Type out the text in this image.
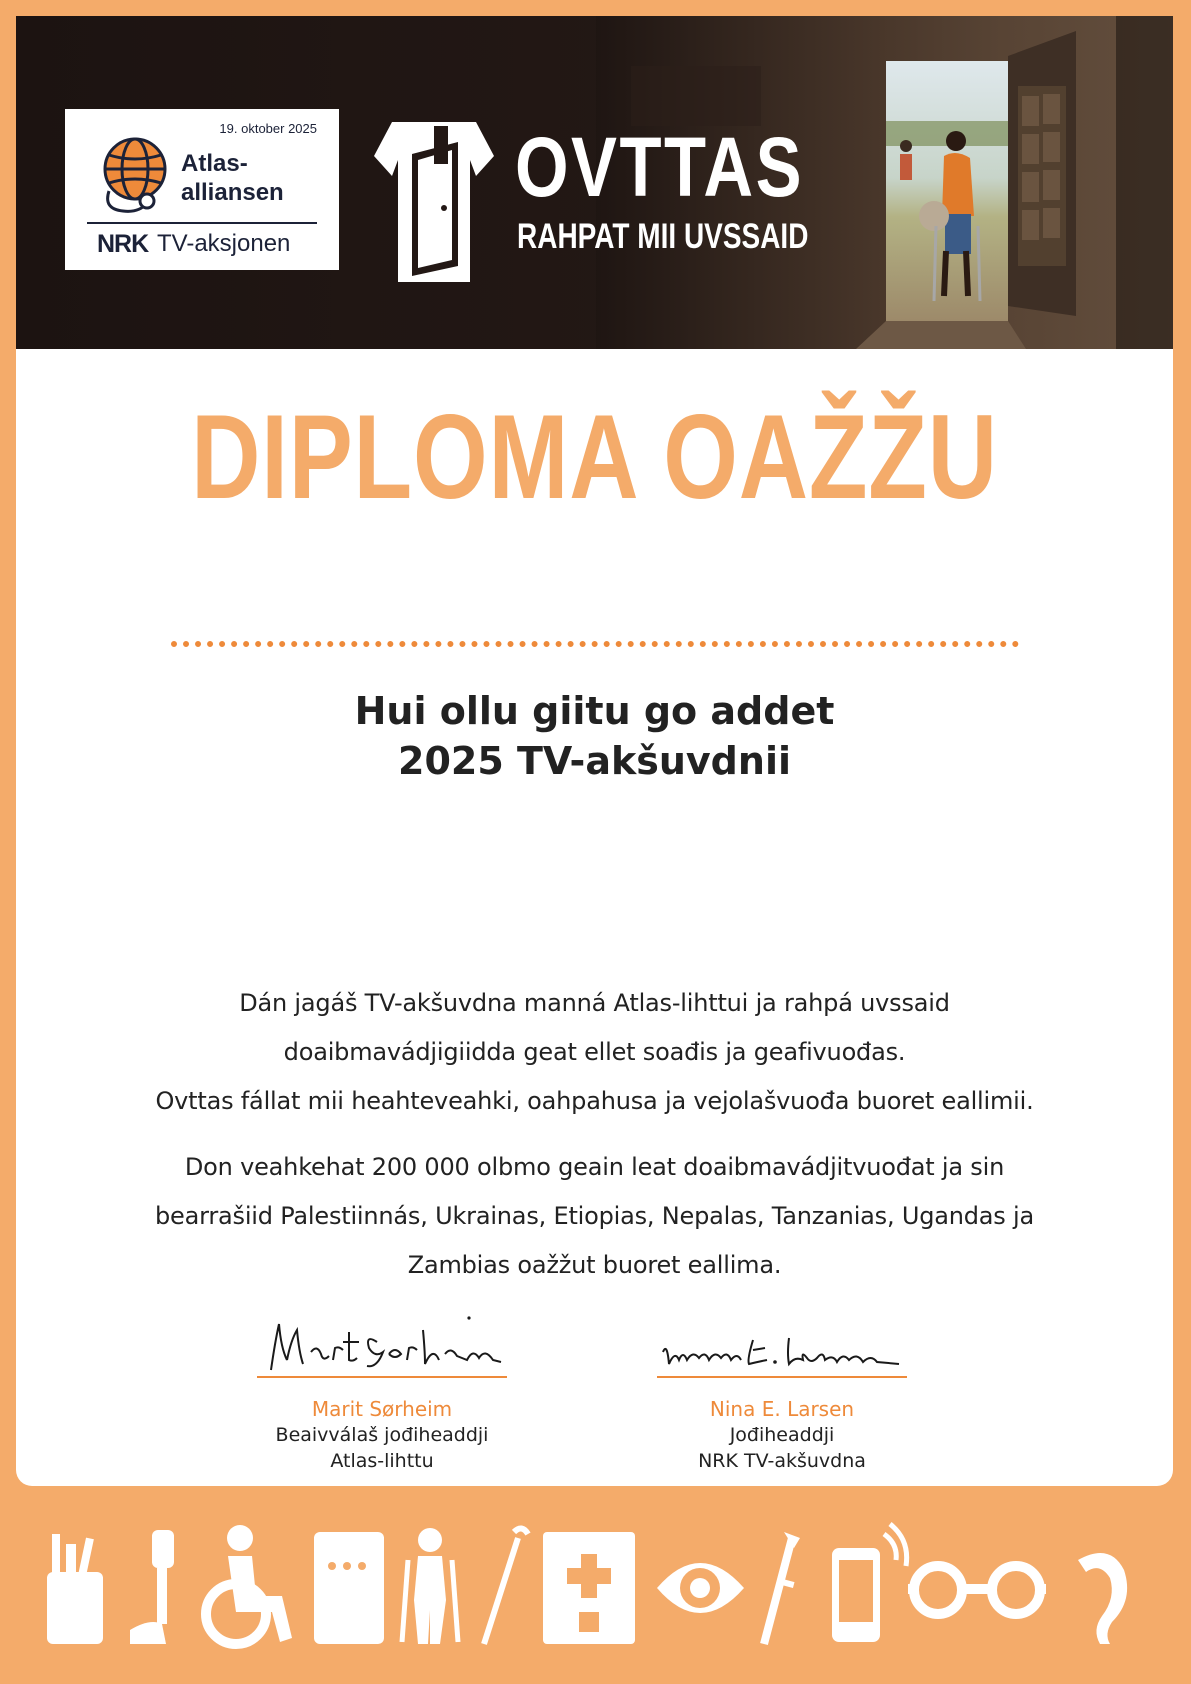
19. oktober 2025
Atlas-
alliansen
NRK TV-aksjonen
OVTTAS
RAHPAT MII UVSSAID
DIPLOMA OAŽŽU
Hui ollu giitu go addet
2025 TV-akšuvdnii
Dán jagáš TV-akšuvdna manná Atlas-lihttui ja rahpá uvssaid
doaibmavádjigiidda geat ellet soađis ja geafivuođas.
Ovttas fállat mii heahteveahki, oahpahusa ja vejolašvuođa buoret eallimii.
Don veahkehat 200 000 olbmo geain leat doaibmavádjitvuođat ja sin
bearrašiid Palestiinnás, Ukrainas, Etiopias, Nepalas, Tanzanias, Ugandas ja
Zambias oažžut buoret eallima.
Marit Sørheim
Beaivválaš jođiheaddji
Atlas-lihttu
Nina E. Larsen
Jođiheaddji
NRK TV-akšuvdna
